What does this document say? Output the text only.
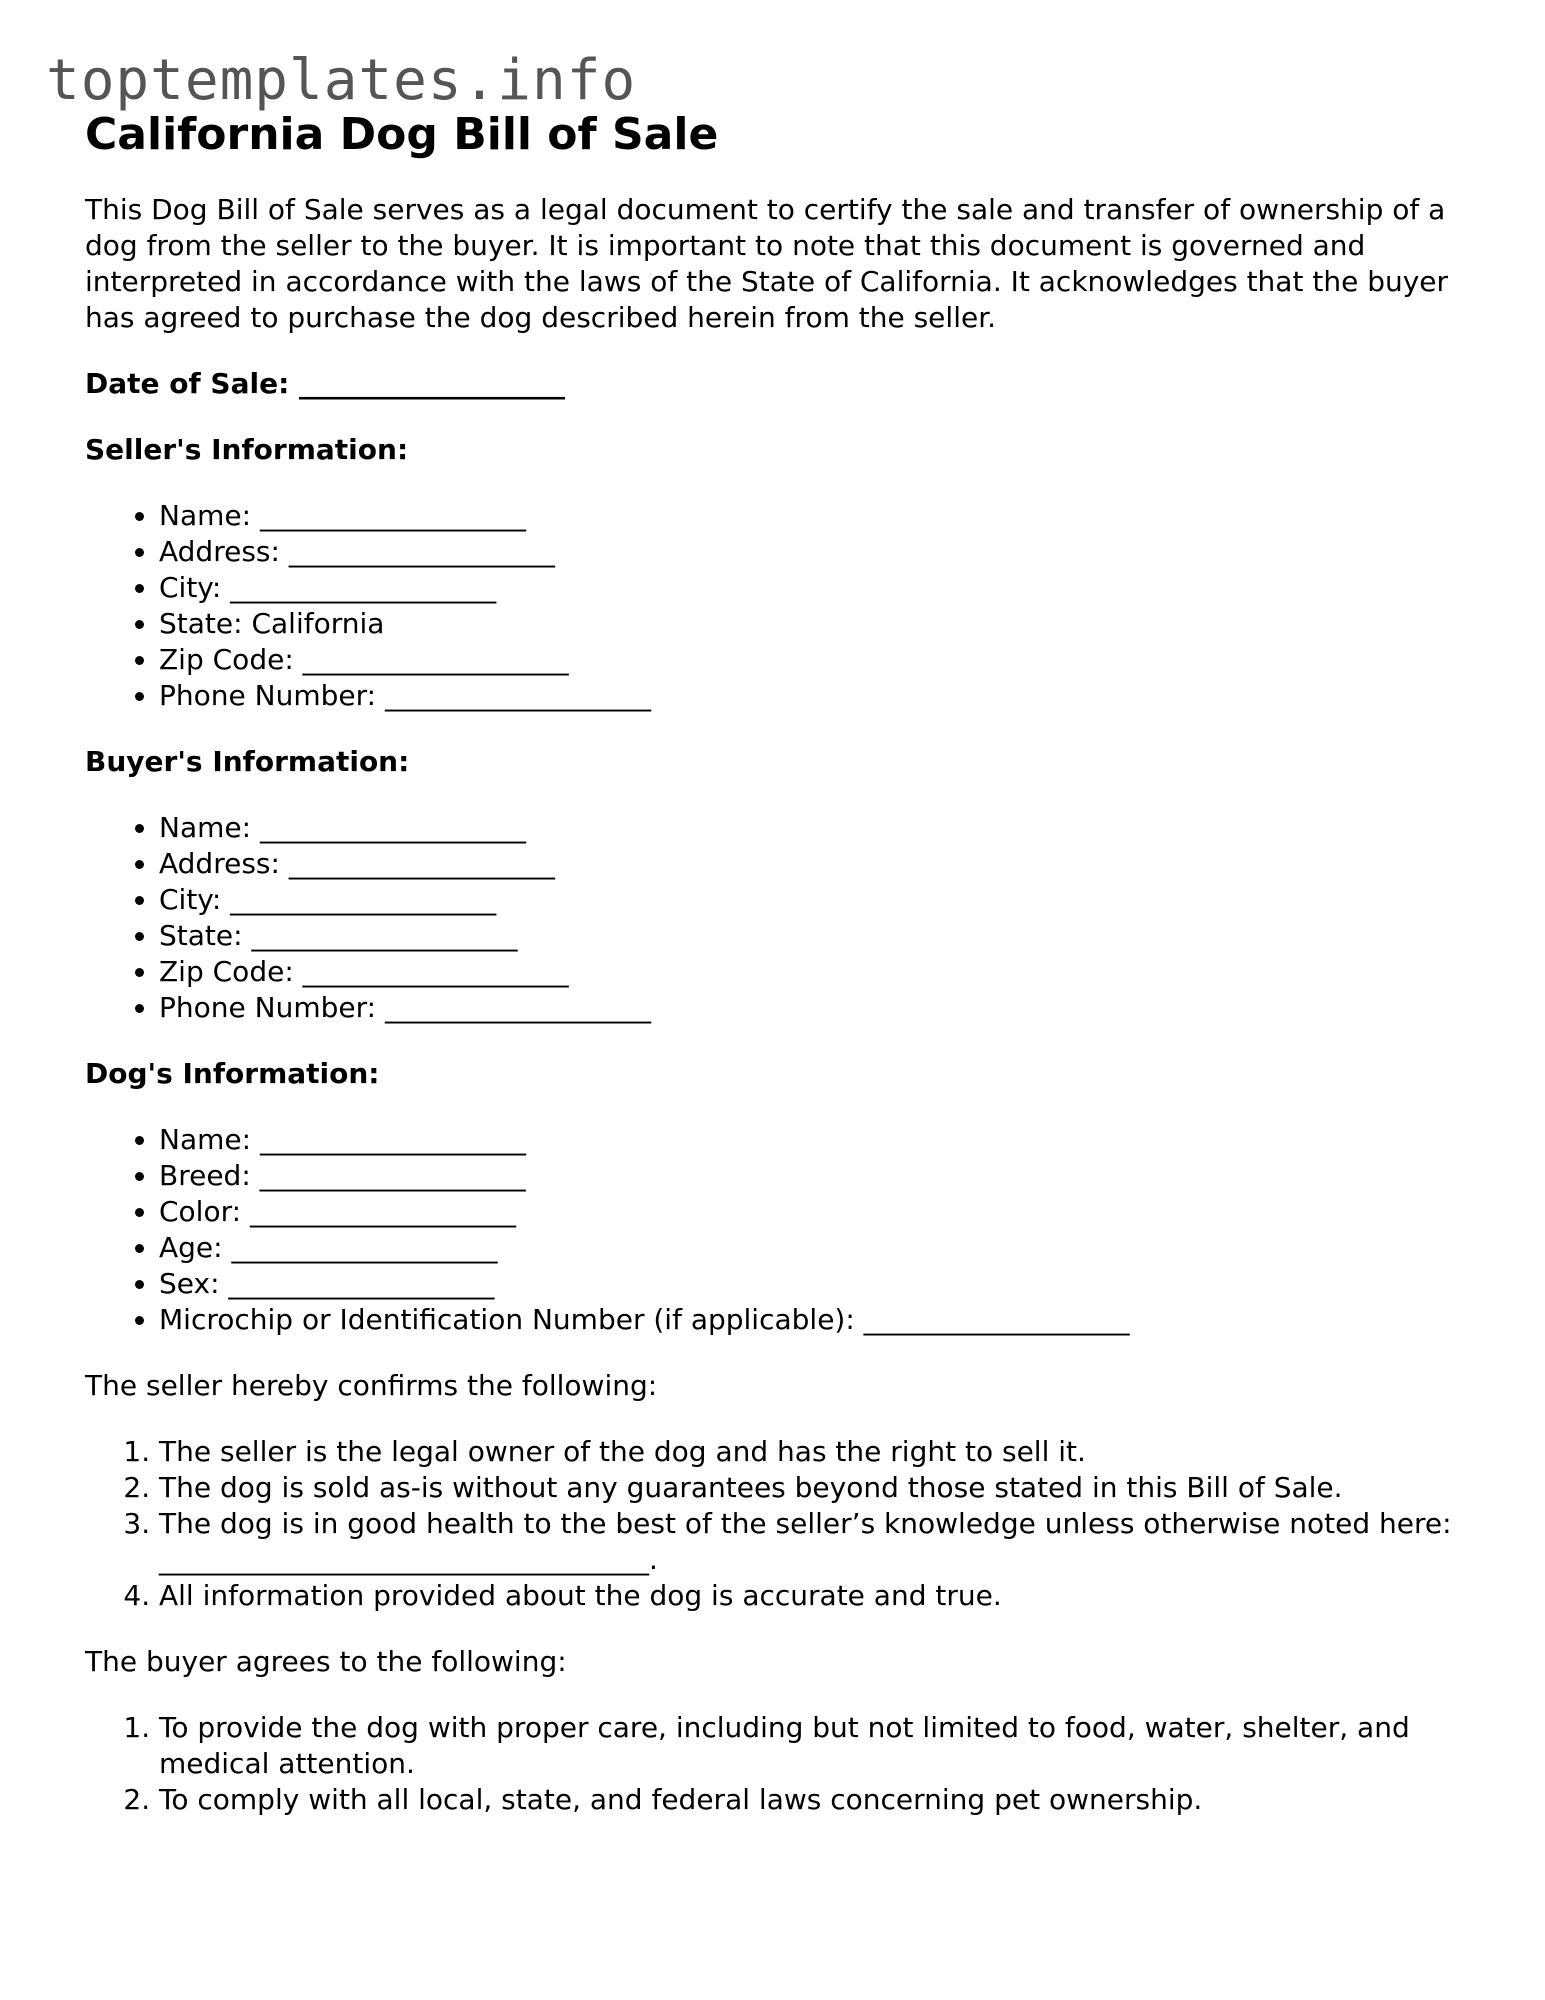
toptemplates.info
California Dog Bill of Sale

This Dog Bill of Sale serves as a legal document to certify the sale and transfer of ownership of a dog from the seller to the buyer. It is important to note that this document is governed and interpreted in accordance with the laws of the State of California. It acknowledges that the buyer has agreed to purchase the dog described herein from the seller.

Date of Sale: ___________________

Seller's Information:

• Name: ___________________
• Address: ___________________
• City: ___________________
• State: California
• Zip Code: ___________________
• Phone Number: ___________________

Buyer's Information:

• Name: ___________________
• Address: ___________________
• City: ___________________
• State: ___________________
• Zip Code: ___________________
• Phone Number: ___________________

Dog's Information:

• Name: ___________________
• Breed: ___________________
• Color: ___________________
• Age: ___________________
• Sex: ___________________
• Microchip or Identification Number (if applicable): ___________________

The seller hereby confirms the following:

1. The seller is the legal owner of the dog and has the right to sell it.
2. The dog is sold as-is without any guarantees beyond those stated in this Bill of Sale.
3. The dog is in good health to the best of the seller’s knowledge unless otherwise noted here: ___________________________________.
4. All information provided about the dog is accurate and true.

The buyer agrees to the following:

1. To provide the dog with proper care, including but not limited to food, water, shelter, and medical attention.
2. To comply with all local, state, and federal laws concerning pet ownership.
